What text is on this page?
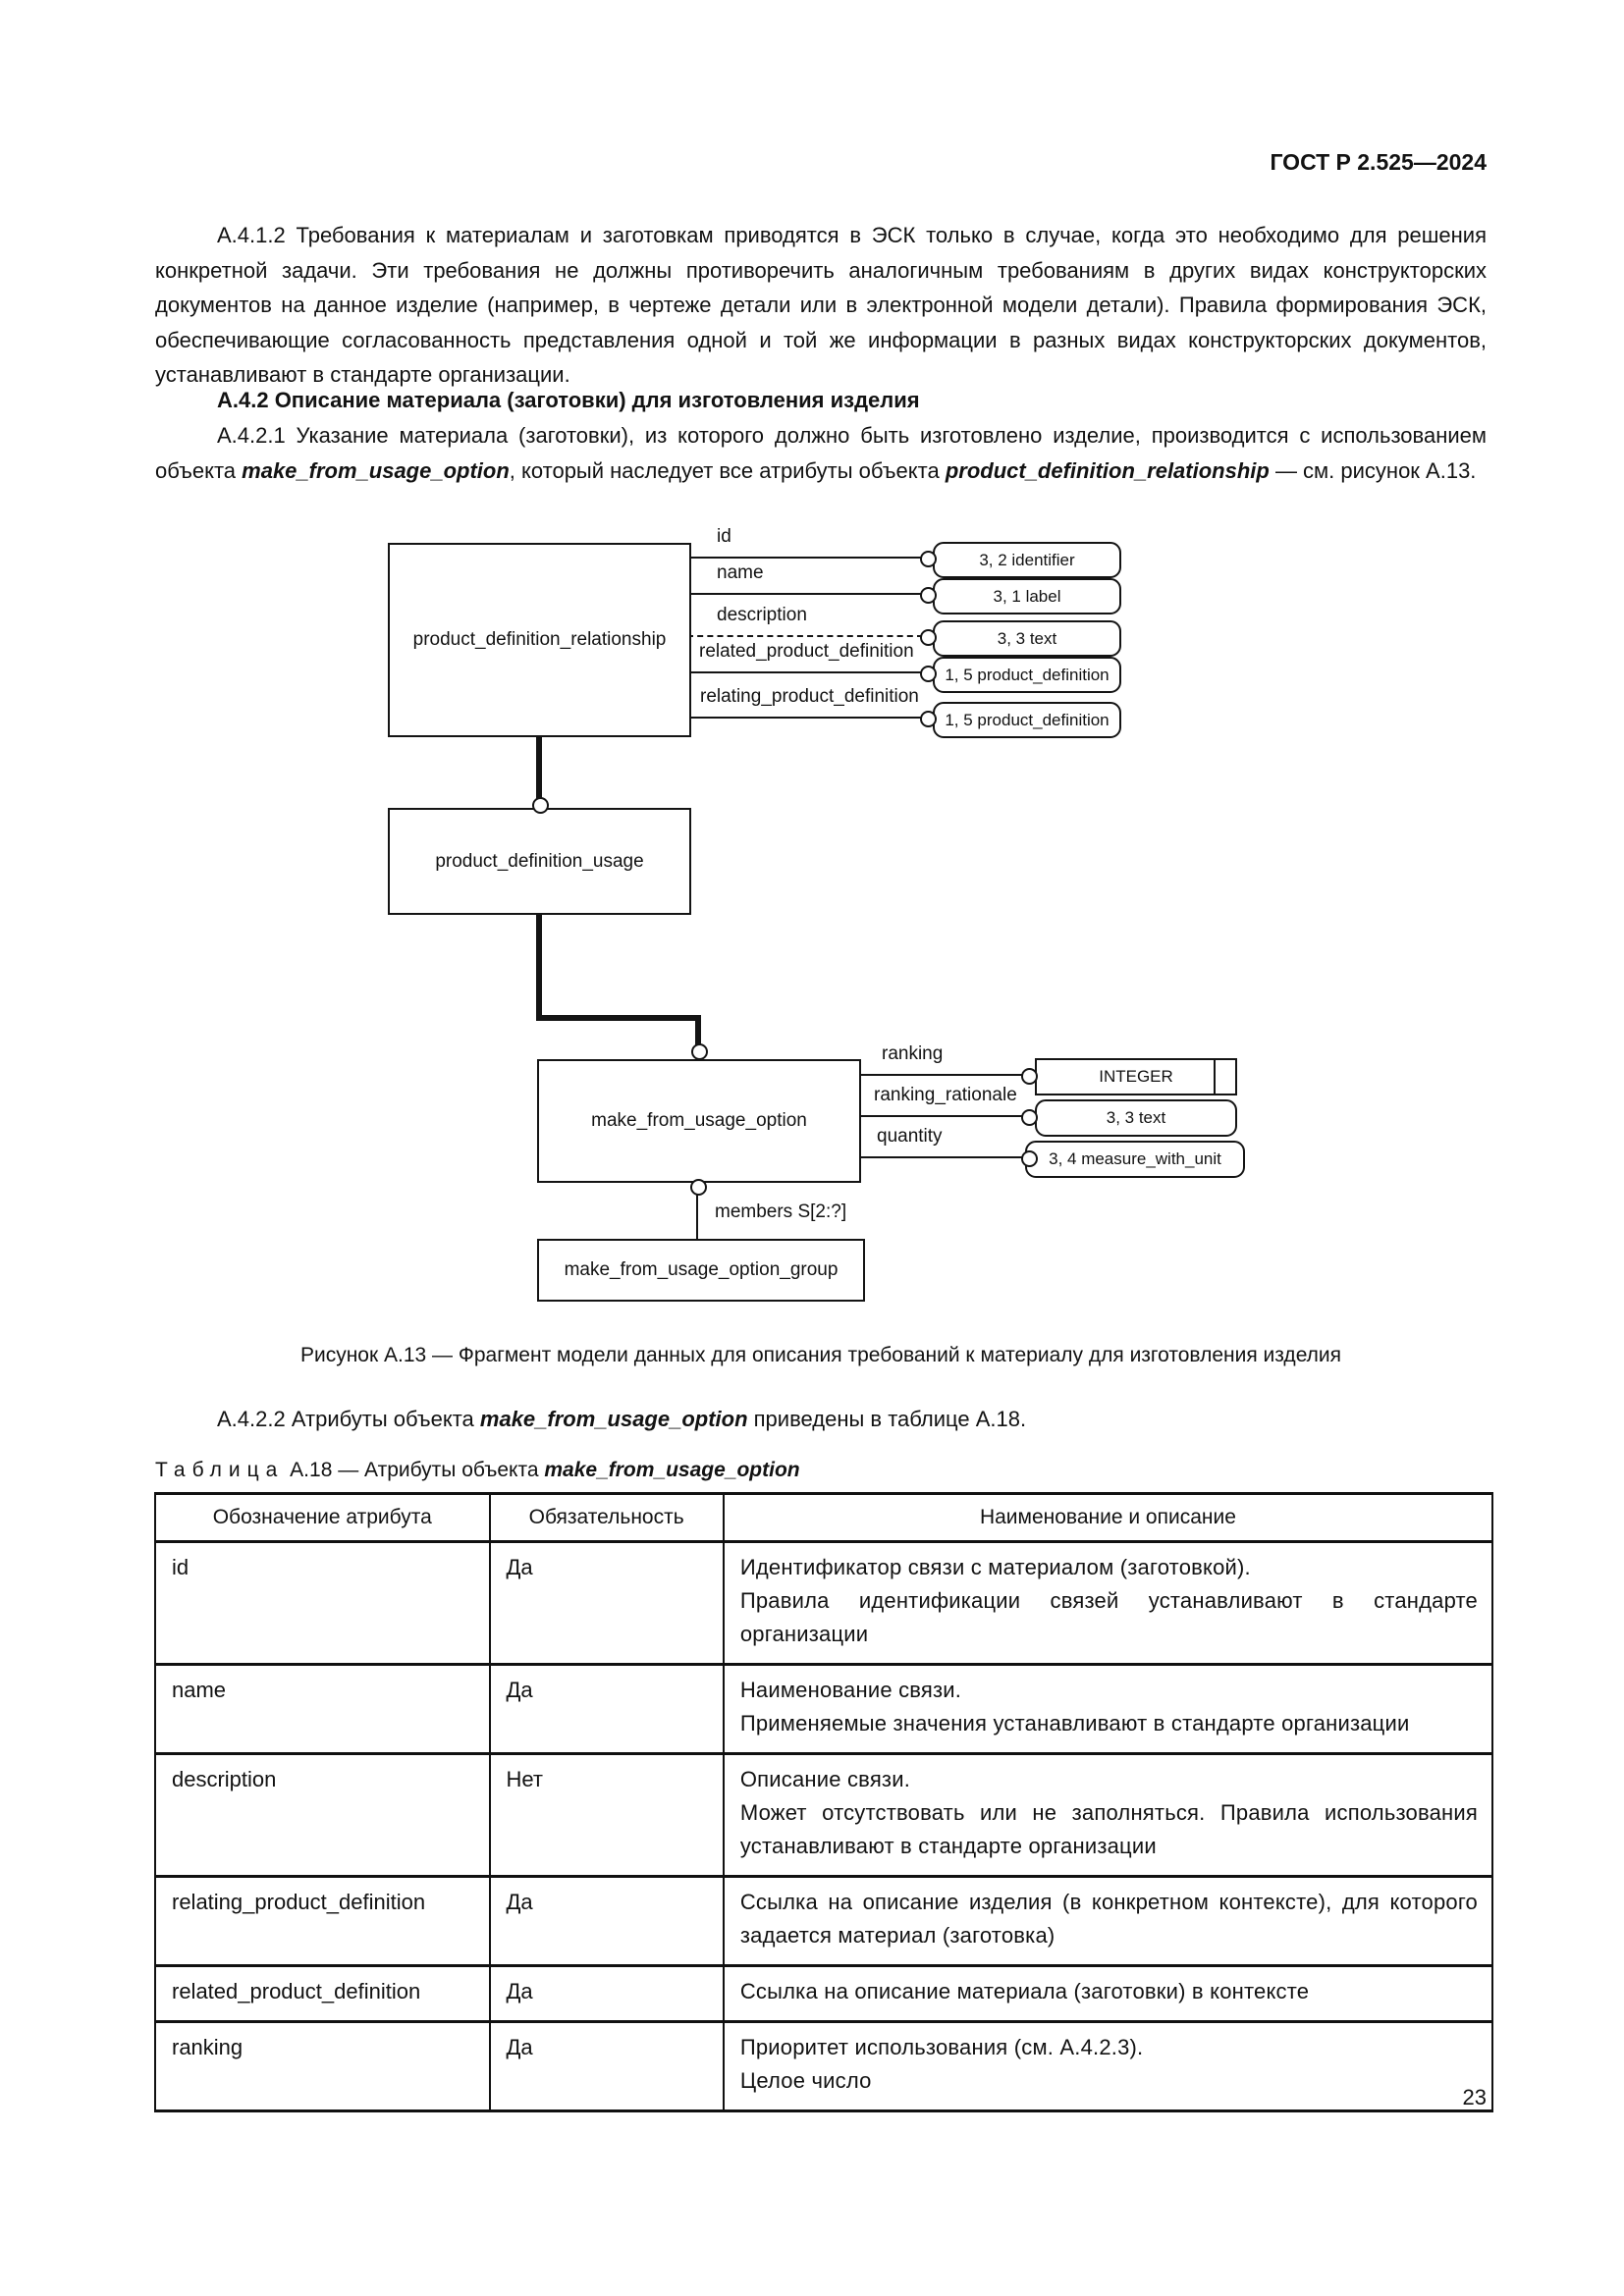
ГОСТ Р 2.525—2024
А.4.1.2 Требования к материалам и заготовкам приводятся в ЭСК только в случае, когда это необходимо для решения конкретной задачи. Эти требования не должны противоречить аналогичным требованиям в других видах конструкторских документов на данное изделие (например, в чертеже детали или в электронной модели детали). Правила формирования ЭСК, обеспечивающие согласованность представления одной и той же информации в разных видах конструкторских документов, устанавливают в стандарте организации.
А.4.2 Описание материала (заготовки) для изготовления изделия
А.4.2.1 Указание материала (заготовки), из которого должно быть изготовлено изделие, производится с использованием объекта make_from_usage_option, который наследует все атрибуты объекта product_definition_relationship — см. рисунок А.13.
product_definition_relationship
id
3, 2 identifier
name
3, 1 label
description
3, 3 text
related_product_definition
1, 5 product_definition
relating_product_definition
1, 5 product_definition
product_definition_usage
make_from_usage_option
ranking
INTEGER
ranking_rationale
3, 3 text
quantity
3, 4 measure_with_unit
members S[2:?]
make_from_usage_option_group
Рисунок А.13 — Фрагмент модели данных для описания требований к материалу для изготовления изделия
А.4.2.2 Атрибуты объекта make_from_usage_option приведены в таблице А.18.
Таблица А.18 — Атрибуты объекта make_from_usage_option
Обозначение атрибута	Обязательность	Наименование и описание
id	Да	Идентификатор связи с материалом (заготовкой).
Правила идентификации связей устанавливают в стандарте организации

name	Да	Наименование связи.
Применяемые значения устанавливают в стандарте организации

description	Нет	Описание связи.
Может отсутствовать или не заполняться. Правила использования устанавливают в стандарте организации

relating_product_definition	Да	Ссылка на описание изделия (в конкретном контексте), для которого задается материал (заготовка)

related_product_definition	Да	Ссылка на описание материала (заготовки) в контексте

ranking	Да	Приоритет использования (см. А.4.2.3).
Целое число
23
